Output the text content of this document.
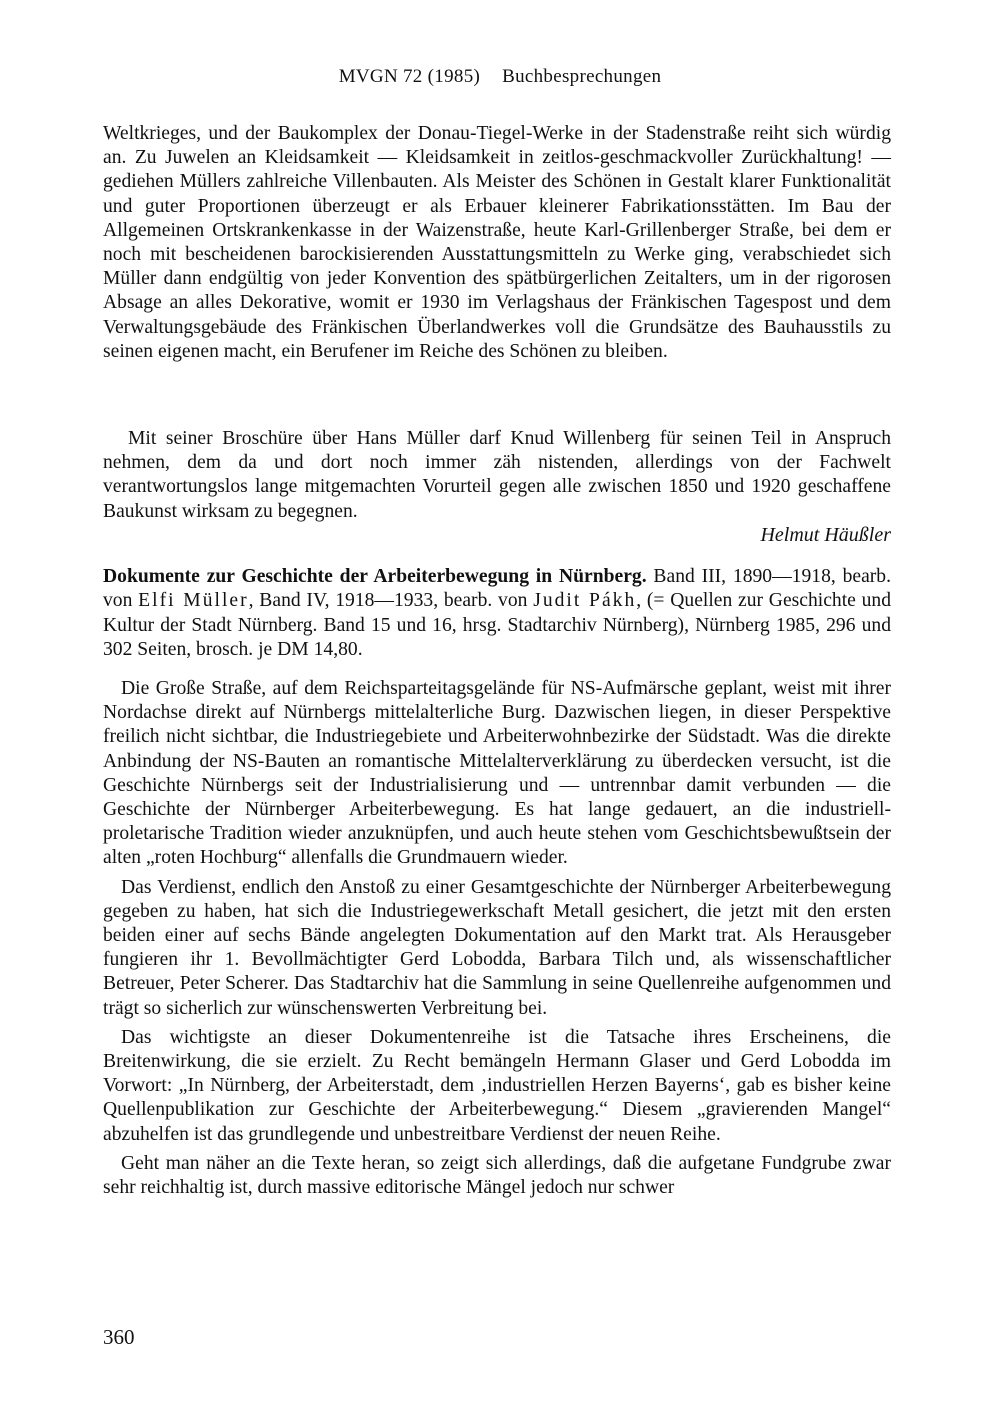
MVGN 72 (1985) Buchbesprechungen

Weltkrieges, und der Baukomplex der Donau-Tiegel-Werke in der Stadenstraße reiht sich würdig an. Zu Juwelen an Kleidsamkeit — Kleidsamkeit in zeitlos-geschmackvoller Zurückhaltung! — gediehen Müllers zahlreiche Villenbauten. Als Meister des Schönen in Gestalt klarer Funktionalität und guter Proportionen überzeugt er als Erbauer kleinerer Fabrikationsstätten. Im Bau der Allgemeinen Ortskrankenkasse in der Waizenstraße, heute Karl-Grillenberger Straße, bei dem er noch mit bescheidenen barockisierenden Ausstattungsmitteln zu Werke ging, verabschiedet sich Müller dann endgültig von jeder Konvention des spätbürgerlichen Zeitalters, um in der rigorosen Absage an alles Dekorative, womit er 1930 im Verlagshaus der Fränkischen Tagespost und dem Verwaltungsgebäude des Fränkischen Überlandwerkes voll die Grundsätze des Bauhausstils zu seinen eigenen macht, ein Berufener im Reiche des Schönen zu bleiben.

Mit seiner Broschüre über Hans Müller darf Knud Willenberg für seinen Teil in Anspruch nehmen, dem da und dort noch immer zäh nistenden, allerdings von der Fachwelt verantwortungslos lange mitgemachten Vorurteil gegen alle zwischen 1850 und 1920 geschaffene Baukunst wirksam zu begegnen.

Helmut Häußler
Dokumente zur Geschichte der Arbeiterbewegung in Nürnberg. Band III, 1890—1918, bearb. von Elfi Müller, Band IV, 1918—1933, bearb. von Judit Pákh, (= Quellen zur Geschichte und Kultur der Stadt Nürnberg. Band 15 und 16, hrsg. Stadtarchiv Nürnberg), Nürnberg 1985, 296 und 302 Seiten, brosch. je DM 14,80.

Die Große Straße, auf dem Reichsparteitagsgelände für NS-Aufmärsche geplant, weist mit ihrer Nordachse direkt auf Nürnbergs mittelalterliche Burg. Dazwischen liegen, in dieser Perspektive freilich nicht sichtbar, die Industriegebiete und Arbeiterwohnbezirke der Südstadt. Was die direkte Anbindung der NS-Bauten an romantische Mittelalterverklärung zu überdecken versucht, ist die Geschichte Nürnbergs seit der Industrialisierung und — untrennbar damit verbunden — die Geschichte der Nürnberger Arbeiterbewegung. Es hat lange gedauert, an die industriell-proletarische Tradition wieder anzuknüpfen, und auch heute stehen vom Geschichtsbewußtsein der alten „roten Hochburg“ allenfalls die Grundmauern wieder.

Das Verdienst, endlich den Anstoß zu einer Gesamtgeschichte der Nürnberger Arbeiterbewegung gegeben zu haben, hat sich die Industriegewerkschaft Metall gesichert, die jetzt mit den ersten beiden einer auf sechs Bände angelegten Dokumentation auf den Markt trat. Als Herausgeber fungieren ihr 1. Bevollmächtigter Gerd Lobodda, Barbara Tilch und, als wissenschaftlicher Betreuer, Peter Scherer. Das Stadtarchiv hat die Sammlung in seine Quellenreihe aufgenommen und trägt so sicherlich zur wünschenswerten Verbreitung bei.

Das wichtigste an dieser Dokumentenreihe ist die Tatsache ihres Erscheinens, die Breitenwirkung, die sie erzielt. Zu Recht bemängeln Hermann Glaser und Gerd Lobodda im Vorwort: „In Nürnberg, der Arbeiterstadt, dem ‚industriellen Herzen Bayerns‘, gab es bisher keine Quellenpublikation zur Geschichte der Arbeiterbewegung.“ Diesem „gravierenden Mangel“ abzuhelfen ist das grundlegende und unbestreitbare Verdienst der neuen Reihe.

Geht man näher an die Texte heran, so zeigt sich allerdings, daß die aufgetane Fundgrube zwar sehr reichhaltig ist, durch massive editorische Mängel jedoch nur schwer

360
